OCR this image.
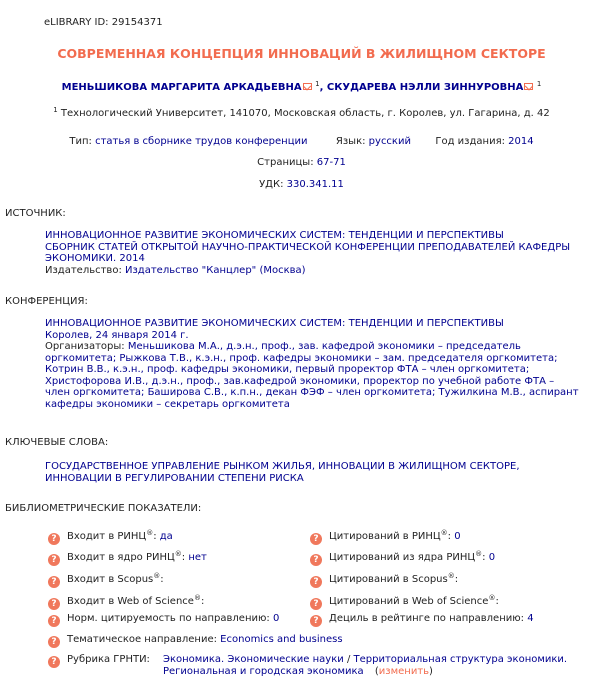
eLIBRARY ID: 29154371
СОВРЕМЕННАЯ КОНЦЕПЦИЯ ИННОВАЦИЙ В ЖИЛИЩНОМ СЕКТОРЕ
МЕНЬШИКОВА МАРГАРИТА АРКАДЬЕВНА $^1$, СКУДАРЕВА НЭЛЛИ ЗИННУРОВНА $^1$
$^1$ Технологический Университет, 141070, Московская область, г. Королев, ул. Гагарина, д. 42
Тип: статья в сборнике трудов конференции	Язык: русский Год издания: 2014
Страницы: 67-71
УДК: 330.341.11
ИСТОЧНИК:
ИННОВАЦИОННОЕ РАЗВИТИЕ ЭКОНОМИЧЕСКИХ СИСТЕМ: ТЕНДЕНЦИИ И ПЕРСПЕКТИВЫ
СБОРНИК СТАТЕЙ ОТКРЫТОЙ НАУЧНО-ПРАКТИЧЕСКОЙ КОНФЕРЕНЦИИ ПРЕПОДАВАТЕЛЕЙ КАФЕДРЫ
ЭКОНОМИКИ. 2014
Издательство: Издательство "Канцлер" (Москва)
КОНФЕРЕНЦИЯ:
ИННОВАЦИОННОЕ РАЗВИТИЕ ЭКОНОМИЧЕСКИХ СИСТЕМ: ТЕНДЕНЦИИ И ПЕРСПЕКТИВЫ
Королев, 24 января 2014 г.
Организаторы: Меньшикова М.А., д.э.н., проф., зав. кафедрой экономики – председатель
оргкомитета; Рыжкова Т.В., к.э.н., проф. кафедры экономики – зам. председателя оргкомитета;
Котрин В.В., к.э.н., проф. кафедры экономики, первый проректор ФТА – член оргкомитета;
Христофорова И.В., д.э.н., проф., зав.кафедрой экономики, проректор по учебной работе ФТА –
член оргкомитета; Баширова С.В., к.п.н., декан ФЭФ – член оргкомитета; Тужилкина М.В., аспирант
кафедры экономики – секретарь оргкомитета
КЛЮЧЕВЫЕ СЛОВА:
ГОСУДАРСТВЕННОЕ УПРАВЛЕНИЕ РЫНКОМ ЖИЛЬЯ, ИННОВАЦИИ В ЖИЛИЩНОМ СЕКТОРЕ,
ИННОВАЦИИ В РЕГУЛИРОВАНИИ СТЕПЕНИ РИСКА
БИБЛИОМЕТРИЧЕСКИЕ ПОКАЗАТЕЛИ:
? Входит в РИНЦ®: да
? Входит в ядро РИНЦ®: нет
? Входит в Scopus®:
? Входит в Web of Science®:
? Норм. цитируемость по направлению: 0
? Цитирований в РИНЦ®: 0
? Цитирований из ядра РИНЦ®: 0
? Цитирований в Scopus®:
? Цитирований в Web of Science®:
? Дециль в рейтинге по направлению: 4
? Тематическое направление: Economics and business
? Рубрика ГРНТИ: Экономика. Экономические науки / Территориальная структура экономики.
Региональная и городская экономика (изменить)
